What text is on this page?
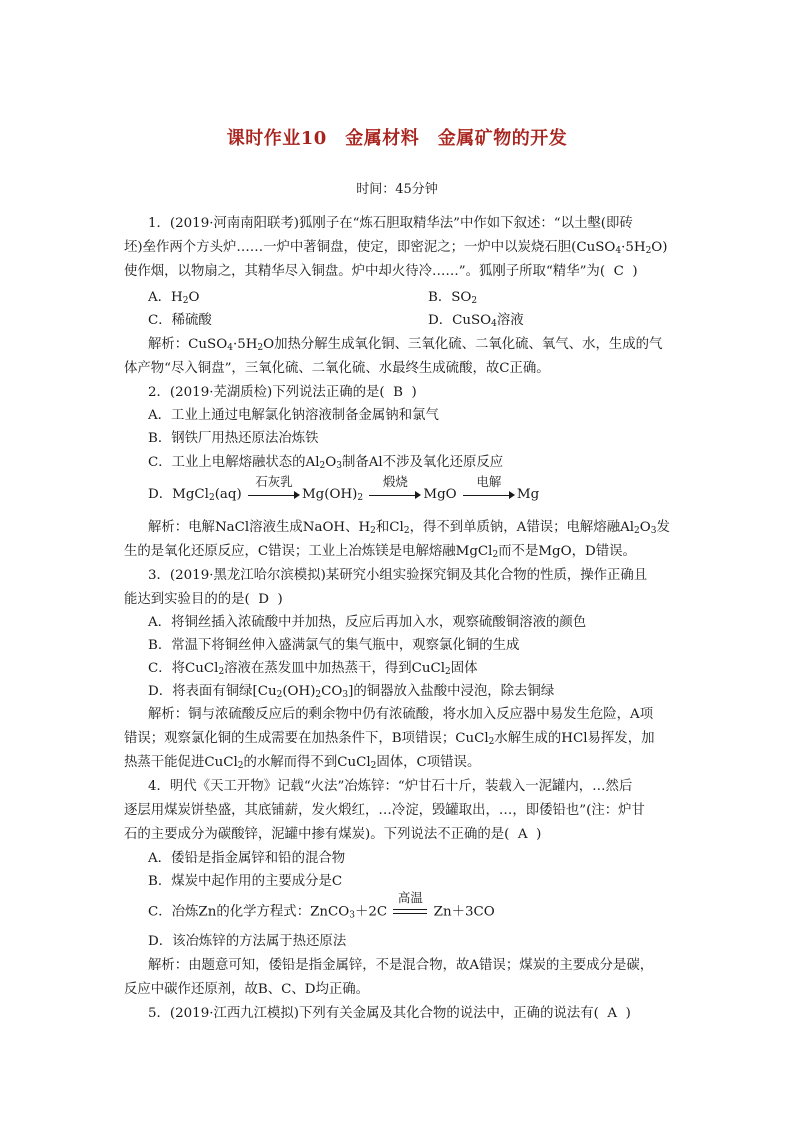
课时作业10　金属材料　金属矿物的开发
时间：45分钟
1．(2019·河南南阳联考)狐刚子在“炼石胆取精华法”中作如下叙述：“以土墼(即砖
坯)垒作两个方头炉……一炉中著铜盘，使定，即密泥之；一炉中以炭烧石胆$(CuSO_4\cdot 5H_2O)$
使作烟，以物扇之，其精华尽入铜盘。炉中却火待冷……”。狐刚子所取“精华”为( C )
A．$H_2O$	B．$SO_2$
C．稀硫酸	D．CuSO$_4$溶液
解析：$CuSO_4\cdot 5H_2O$加热分解生成氧化铜、三氧化硫、二氧化硫、氧气、水，生成的气
体产物“尽入铜盘”，三氧化硫、二氧化硫、水最终生成硫酸，故C正确。
2．(2019·芜湖质检)下列说法正确的是( B )
A．工业上通过电解氯化钠溶液制备金属钠和氯气
B．钢铁厂用热还原法冶炼铁
C．工业上电解熔融状态的$Al_2O_3$制备Al不涉及氧化还原反应
D．MgCl$_2$(aq)
石灰乳
$Mg(OH)_2$
煅烧
MgO
电解
Mg
解析：电解NaCl溶液生成NaOH、$H_2$和$Cl_2$，得不到单质钠，A错误；电解熔融$Al_2O_3$发
生的是氧化还原反应，C错误；工业上冶炼镁是电解熔融MgCl$_2$而不是MgO，D错误。
3．(2019·黑龙江哈尔滨模拟)某研究小组实验探究铜及其化合物的性质，操作正确且
能达到实验目的的是( D )
A．将铜丝插入浓硫酸中并加热，反应后再加入水，观察硫酸铜溶液的颜色
B．常温下将铜丝伸入盛满氯气的集气瓶中，观察氯化铜的生成
C．将CuCl$_2$溶液在蒸发皿中加热蒸干，得到CuCl$_2$固体
D．将表面有铜绿$[Cu_2(OH)_2CO_3]$的铜器放入盐酸中浸泡，除去铜绿
解析：铜与浓硫酸反应后的剩余物中仍有浓硫酸，将水加入反应器中易发生危险，A项
错误；观察氯化铜的生成需要在加热条件下，B项错误；CuCl$_2$水解生成的HCl易挥发，加
热蒸干能促进CuCl$_2$的水解而得不到CuCl$_2$固体，C项错误。
4．明代《天工开物》记载“火法”冶炼锌：“炉甘石十斤，装载入一泥罐内，…然后
逐层用煤炭饼垫盛，其底铺薪，发火煅红，…冷淀，毁罐取出，…，即倭铅也”(注：炉甘
石的主要成分为碳酸锌，泥罐中掺有煤炭)。下列说法不正确的是( A )
A．倭铅是指金属锌和铅的混合物
B．煤炭中起作用的主要成分是C
C．冶炼Zn的化学方程式：ZnCO$_3$＋2C
高温
Zn＋3CO
D．该冶炼锌的方法属于热还原法
解析：由题意可知，倭铅是指金属锌，不是混合物，故A错误；煤炭的主要成分是碳，
反应中碳作还原剂，故B、C、D均正确。
5．(2019·江西九江模拟)下列有关金属及其化合物的说法中，正确的说法有( A )
